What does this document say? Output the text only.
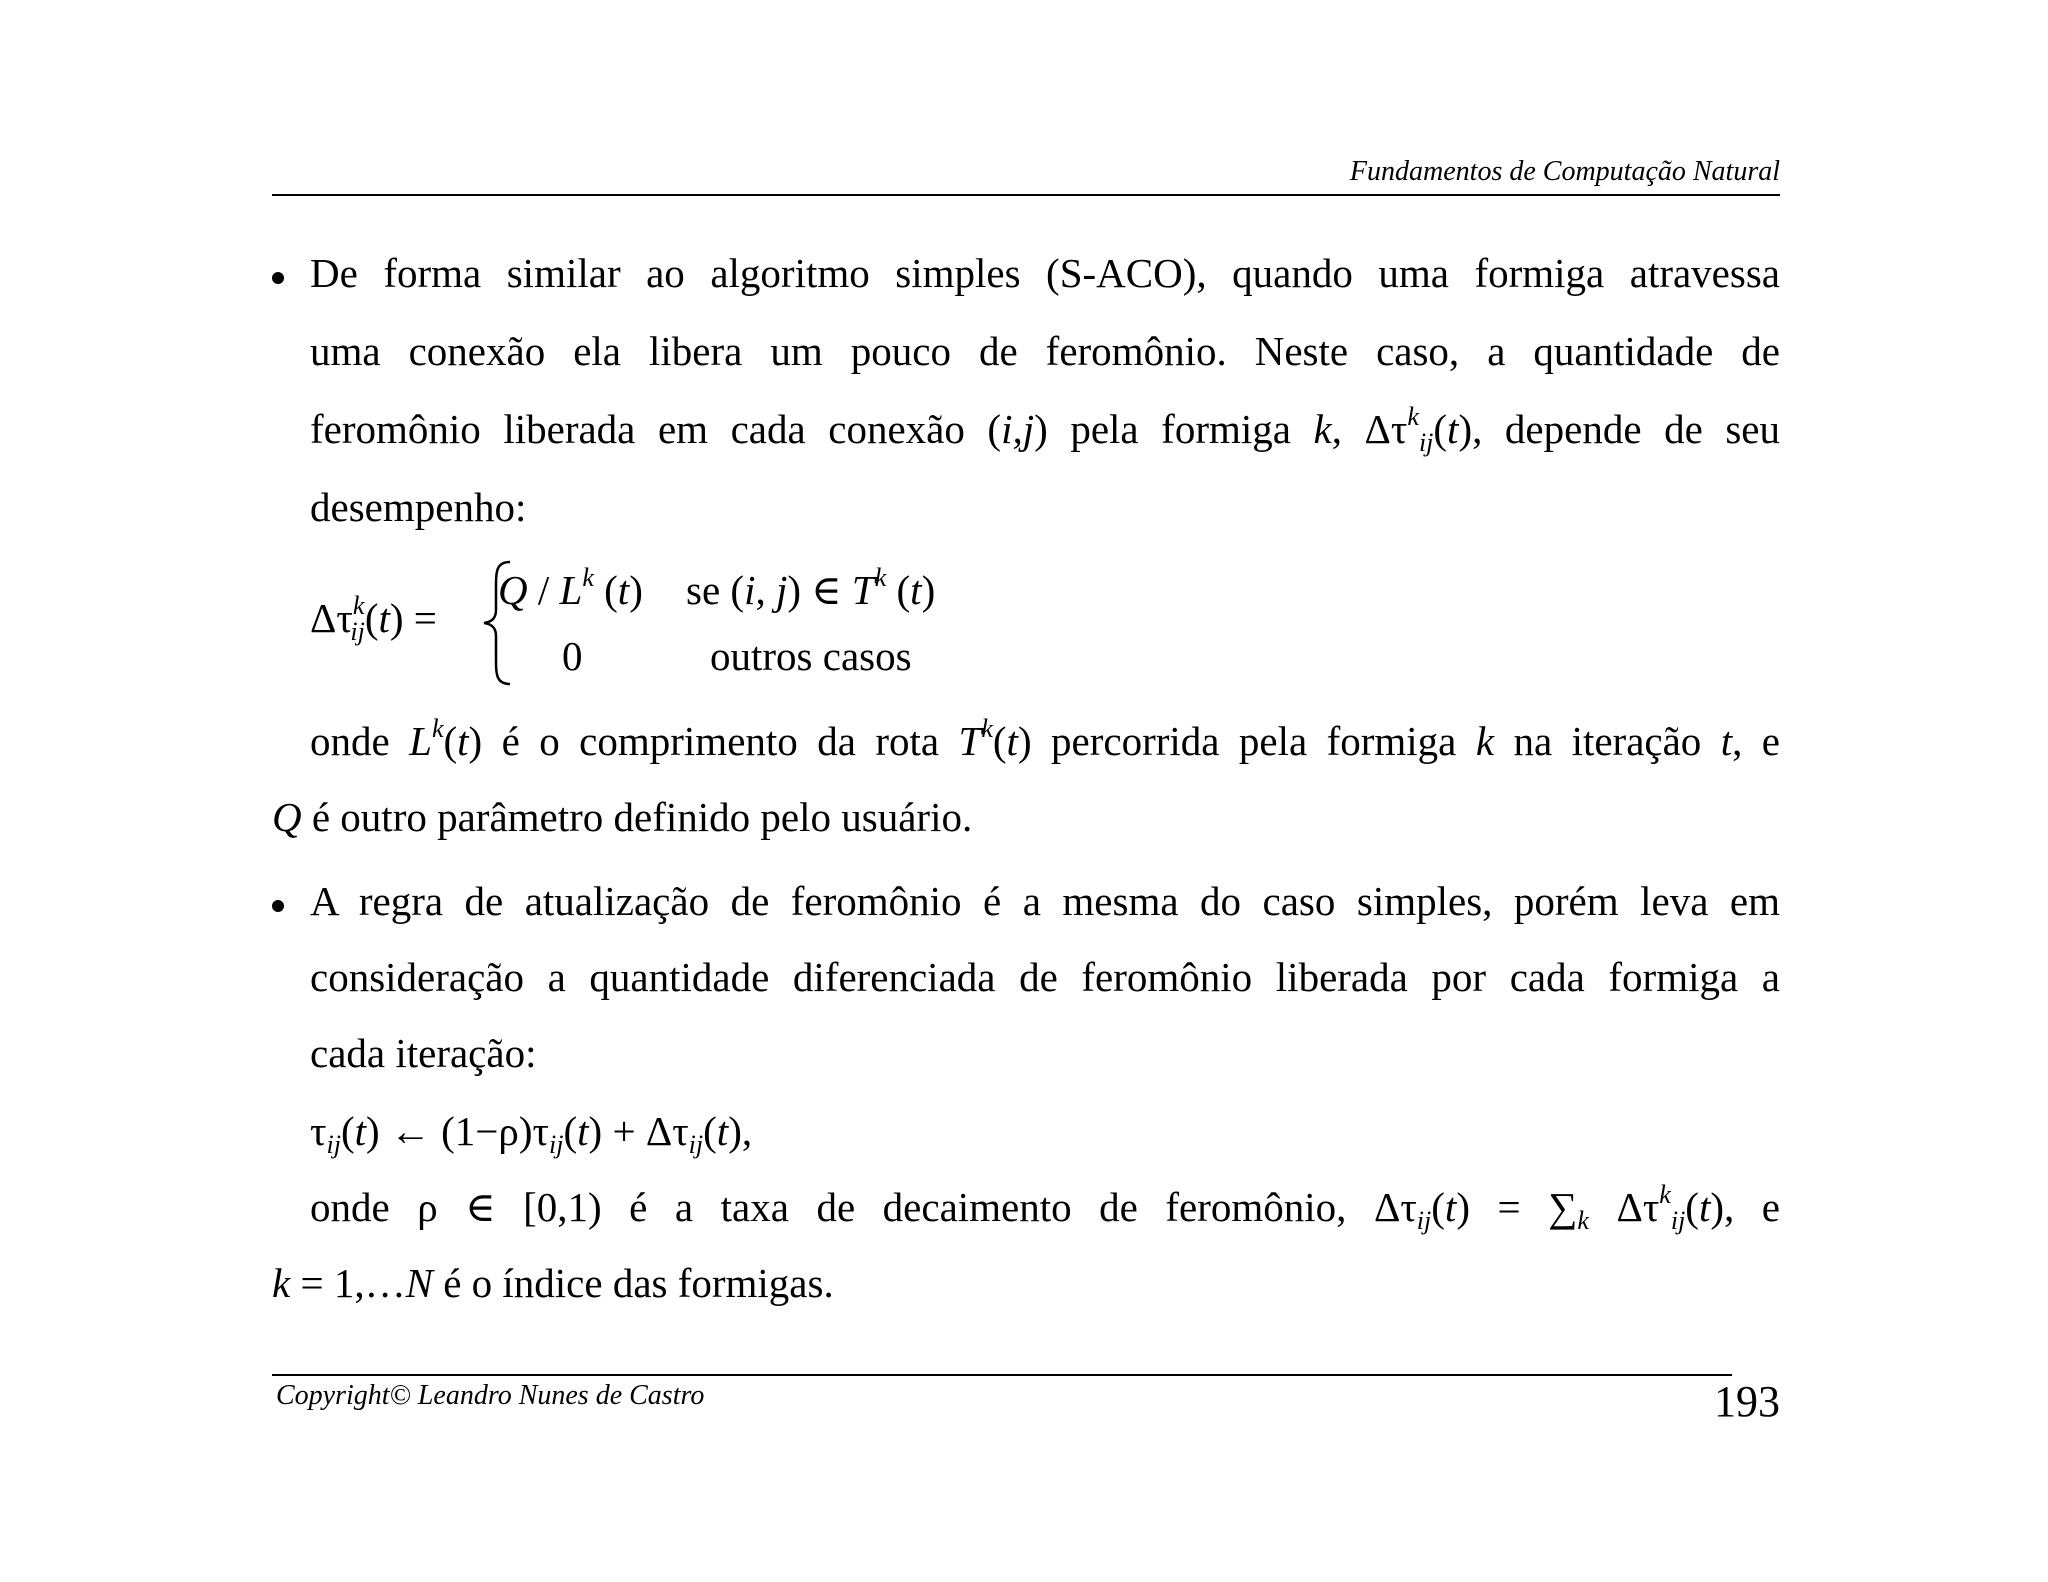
Fundamentos de Computação Natural
De forma similar ao algoritmo simples (S-ACO), quando uma formiga atravessa
uma conexão ela libera um pouco de feromônio. Neste caso, a quantidade de
feromônio liberada em cada conexão (i,j) pela formiga k, $\Delta\tau^k_{ij}(t)$, depende de seu
desempenho:
$\Delta\tau^k_{ij}(t)$ =
Q / $L^k$ (t) se (i, j) ∈ $T^k$ (t)
0	outros casos
onde $L^k(t)$ é o comprimento da rota $T^k(t)$ percorrida pela formiga k na iteração t, e
Q é outro parâmetro definido pelo usuário.
A regra de atualização de feromônio é a mesma do caso simples, porém leva em
consideração a quantidade diferenciada de feromônio liberada por cada formiga a
cada iteração:
$\tau_{ij}(t)$ ← $(1-\rho)\tau_{ij}(t) + \Delta\tau_{ij}(t)$,
onde ρ ∈ [0,1) é a taxa de decaimento de feromônio, $\Delta\tau_{ij}(t) = \sum_k$ $\Delta\tau^k_{ij}(t)$, e
k = 1,…N é o índice das formigas.
Copyright© Leandro Nunes de Castro	193
